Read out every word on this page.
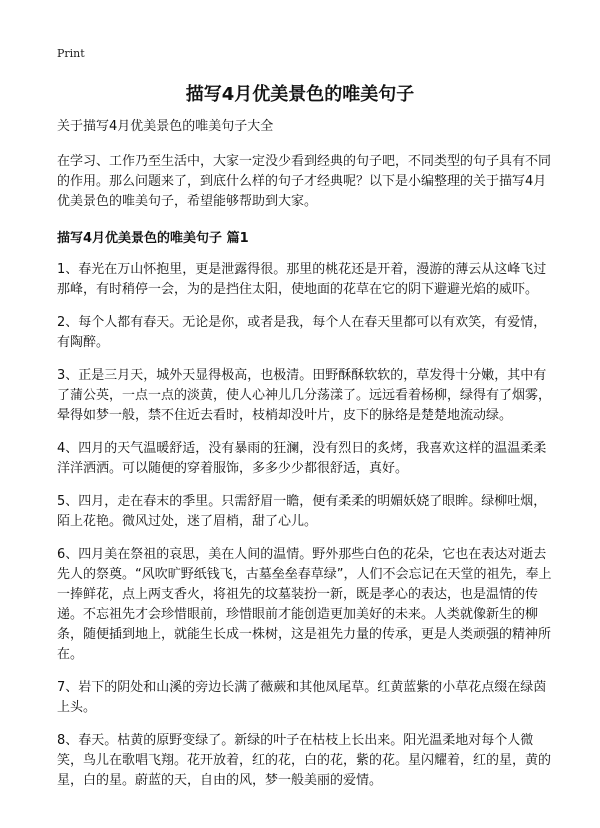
Print
描写4月优美景色的唯美句子

关于描写4月优美景色的唯美句子大全

在学习、工作乃至生活中，大家一定没少看到经典的句子吧，不同类型的句子具有不同的作用。那么问题来了，到底什么样的句子才经典呢？以下是小编整理的关于描写4月优美景色的唯美句子，希望能够帮助到大家。

描写4月优美景色的唯美句子 篇1

1、春光在万山怀抱里，更是泄露得很。那里的桃花还是开着，漫游的薄云从这峰飞过那峰，有时稍停一会，为的是挡住太阳，使地面的花草在它的阴下避避光焰的威吓。

2、每个人都有春天。无论是你，或者是我，每个人在春天里都可以有欢笑，有爱情，有陶醉。

3、正是三月天，城外天显得极高，也极清。田野酥酥软软的，草发得十分嫩，其中有了蒲公英，一点一点的淡黄，使人心神儿几分荡漾了。远远看着杨柳，绿得有了烟雾，晕得如梦一般，禁不住近去看时，枝梢却没叶片，皮下的脉络是楚楚地流动绿。

4、四月的天气温暖舒适，没有暴雨的狂澜，没有烈日的炙烤，我喜欢这样的温温柔柔洋洋洒洒。可以随便的穿着服饰，多多少少都很舒适，真好。

5、四月，走在春末的季里。只需舒眉一瞻，便有柔柔的明媚妖娆了眼眸。绿柳吐烟，陌上花艳。微风过处，迷了眉梢，甜了心儿。

6、四月美在祭祖的哀思，美在人间的温情。野外那些白色的花朵，它也在表达对逝去先人的祭奠。“风吹旷野纸钱飞，古墓垒垒春草绿”，人们不会忘记在天堂的祖先，奉上一捧鲜花，点上两支香火，将祖先的坟墓装扮一新，既是孝心的表达，也是温情的传递。不忘祖先才会珍惜眼前，珍惜眼前才能创造更加美好的未来。人类就像新生的柳条，随便插到地上，就能生长成一株树，这是祖先力量的传承，更是人类顽强的精神所在。

7、岩下的阴处和山溪的旁边长满了薇蕨和其他凤尾草。红黄蓝紫的小草花点缀在绿茵上头。

8、春天。枯黄的原野变绿了。新绿的叶子在枯枝上长出来。阳光温柔地对每个人微笑，鸟儿在歌唱飞翔。花开放着，红的花，白的花，紫的花。星闪耀着，红的星，黄的星，白的星。蔚蓝的天，自由的风，梦一般美丽的爱情。
